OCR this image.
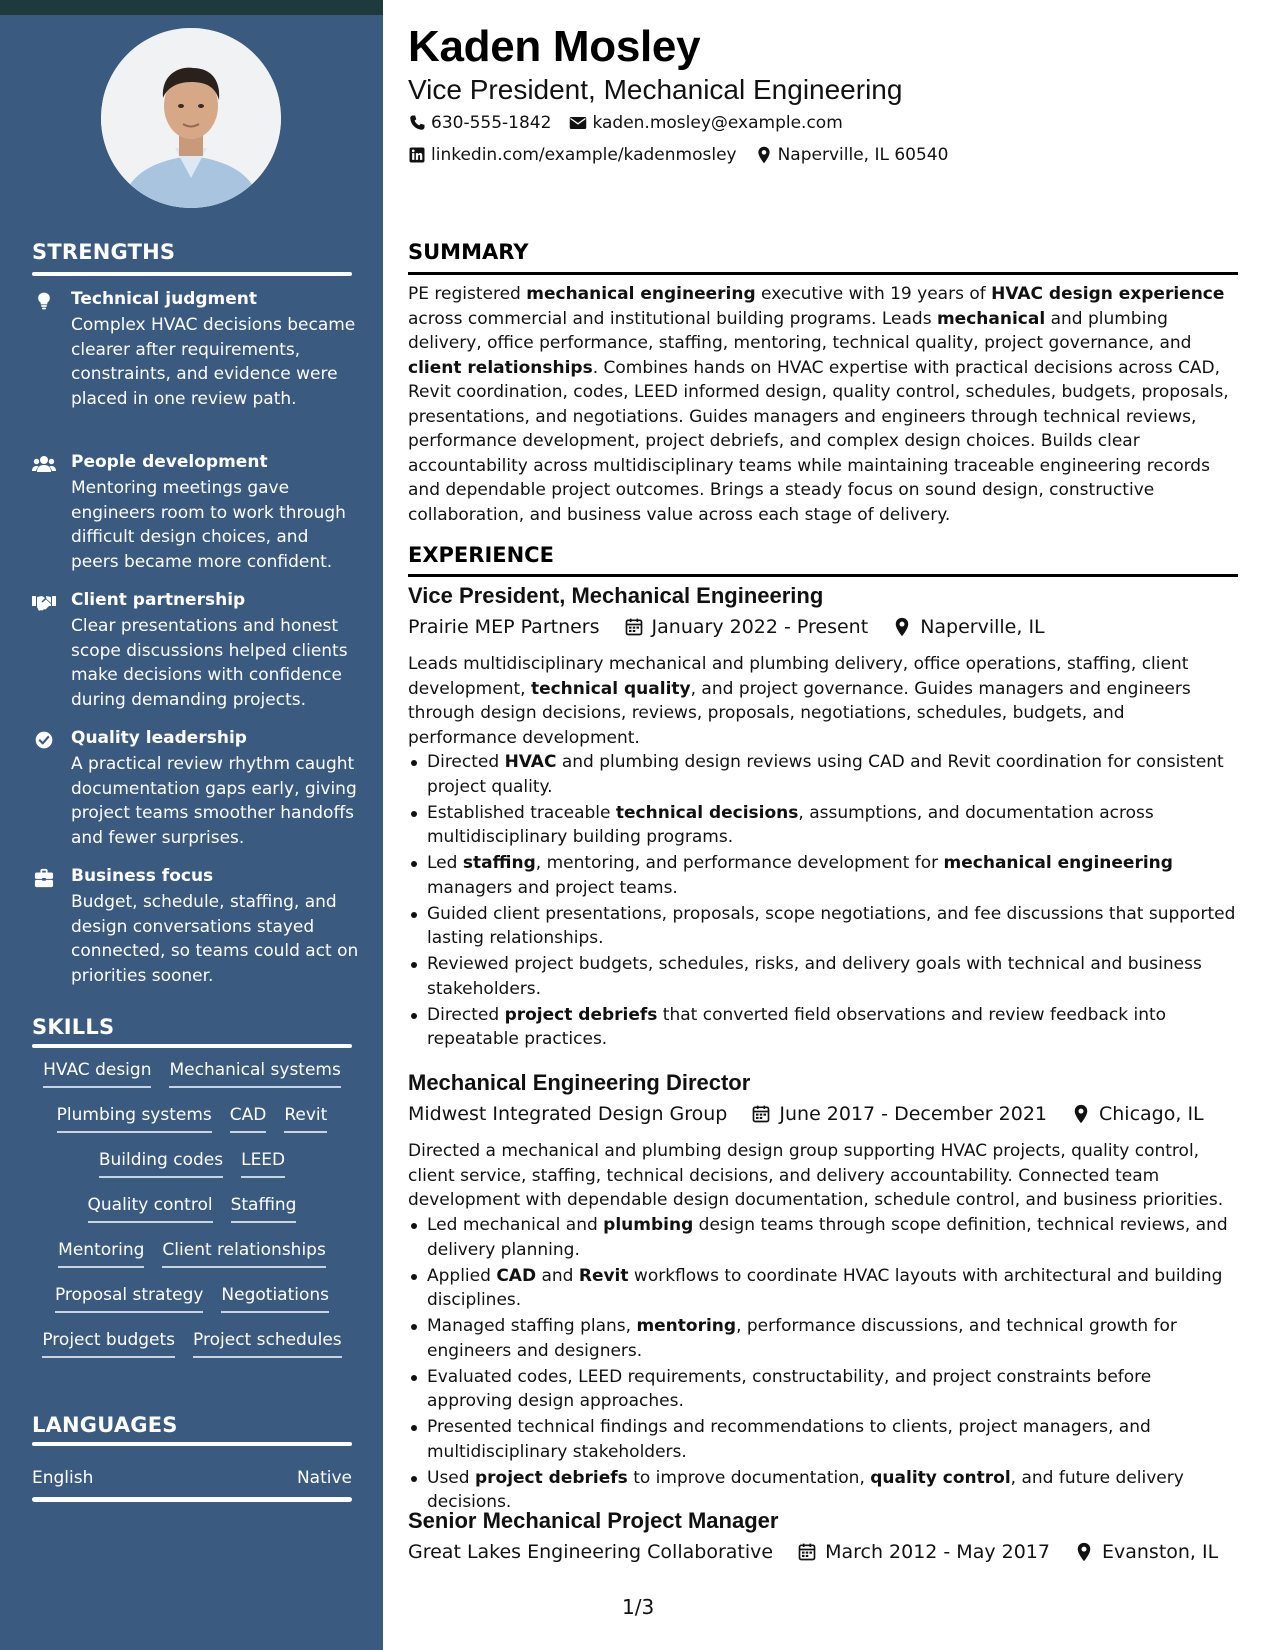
STRENGTHS
Technical judgment
Complex HVAC decisions became clearer after requirements, constraints, and evidence were placed in one review path.
People development
Mentoring meetings gave engineers room to work through difficult design choices, and peers became more confident.
Client partnership
Clear presentations and honest scope discussions helped clients make decisions with confidence during demanding projects.
Quality leadership
A practical review rhythm caught documentation gaps early, giving project teams smoother handoffs and fewer surprises.
Business focus
Budget, schedule, staffing, and design conversations stayed connected, so teams could act on priorities sooner.
SKILLS
HVAC design Mechanical systems
Plumbing systems CAD Revit
Building codes LEED
Quality control Staffing
Mentoring Client relationships
Proposal strategy Negotiations
Project budgets Project schedules
LANGUAGES
English	Native
Kaden Mosley
Vice President, Mechanical Engineering
630-555-1842 kaden.mosley@example.com
linkedin.com/example/kadenmosley Naperville, IL 60540
SUMMARY
PE registered mechanical engineering executive with 19 years of HVAC design experience across commercial and institutional building programs. Leads mechanical and plumbing delivery, office performance, staffing, mentoring, technical quality, project governance, and client relationships. Combines hands on HVAC expertise with practical decisions across CAD, Revit coordination, codes, LEED informed design, quality control, schedules, budgets, proposals, presentations, and negotiations. Guides managers and engineers through technical reviews, performance development, project debriefs, and complex design choices. Builds clear accountability across multidisciplinary teams while maintaining traceable engineering records and dependable project outcomes. Brings a steady focus on sound design, constructive collaboration, and business value across each stage of delivery.
EXPERIENCE
Vice President, Mechanical Engineering
Prairie MEP Partners	January 2022 - Present	Naperville, IL
Leads multidisciplinary mechanical and plumbing delivery, office operations, staffing, client development, technical quality, and project governance. Guides managers and engineers through design decisions, reviews, proposals, negotiations, schedules, budgets, and performance development.
Directed HVAC and plumbing design reviews using CAD and Revit coordination for consistent project quality.
Established traceable technical decisions, assumptions, and documentation across multidisciplinary building programs.
Led staffing, mentoring, and performance development for mechanical engineering managers and project teams.
Guided client presentations, proposals, scope negotiations, and fee discussions that supported lasting relationships.
Reviewed project budgets, schedules, risks, and delivery goals with technical and business stakeholders.
Directed project debriefs that converted field observations and review feedback into repeatable practices.
Mechanical Engineering Director
Midwest Integrated Design Group	June 2017 - December 2021	Chicago, IL
Directed a mechanical and plumbing design group supporting HVAC projects, quality control, client service, staffing, technical decisions, and delivery accountability. Connected team development with dependable design documentation, schedule control, and business priorities.
Led mechanical and plumbing design teams through scope definition, technical reviews, and delivery planning.
Applied CAD and Revit workflows to coordinate HVAC layouts with architectural and building disciplines.
Managed staffing plans, mentoring, performance discussions, and technical growth for engineers and designers.
Evaluated codes, LEED requirements, constructability, and project constraints before approving design approaches.
Presented technical findings and recommendations to clients, project managers, and multidisciplinary stakeholders.
Used project debriefs to improve documentation, quality control, and future delivery decisions.
Senior Mechanical Project Manager
Great Lakes Engineering Collaborative	March 2012 - May 2017	Evanston, IL
1/3
